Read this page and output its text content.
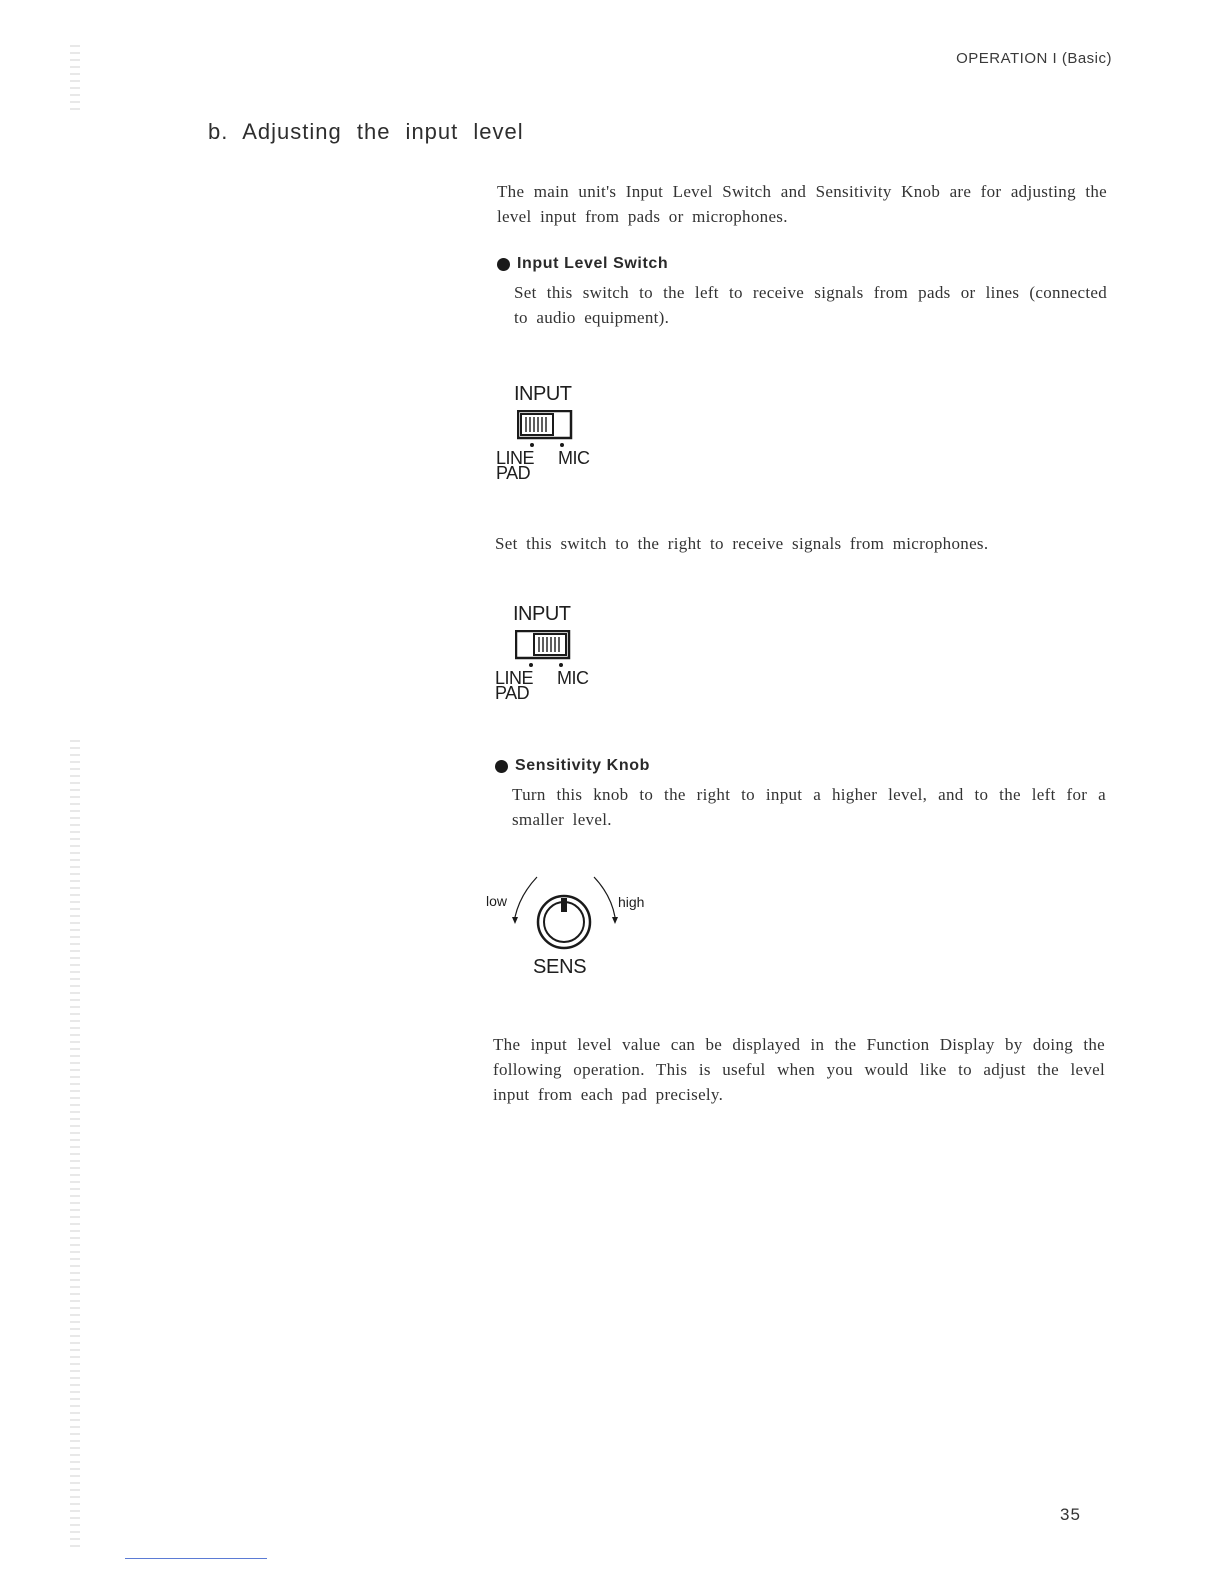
OPERATION I (Basic)
b. Adjusting the input level
The main unit's Input Level Switch and Sensitivity Knob are for adjusting the level input from pads or microphones.
Input Level Switch
Set this switch to the left to receive signals from pads or lines (connected to audio equipment).
INPUT
LINE MIC
PAD
Set this switch to the right to receive signals from microphones.
INPUT
LINE MIC
PAD
Sensitivity Knob
Turn this knob to the right to input a higher level, and to the left for a smaller level.
low	high
SENS
The input level value can be displayed in the Function Display by doing the following operation. This is useful when you would like to adjust the level input from each pad precisely.
35
